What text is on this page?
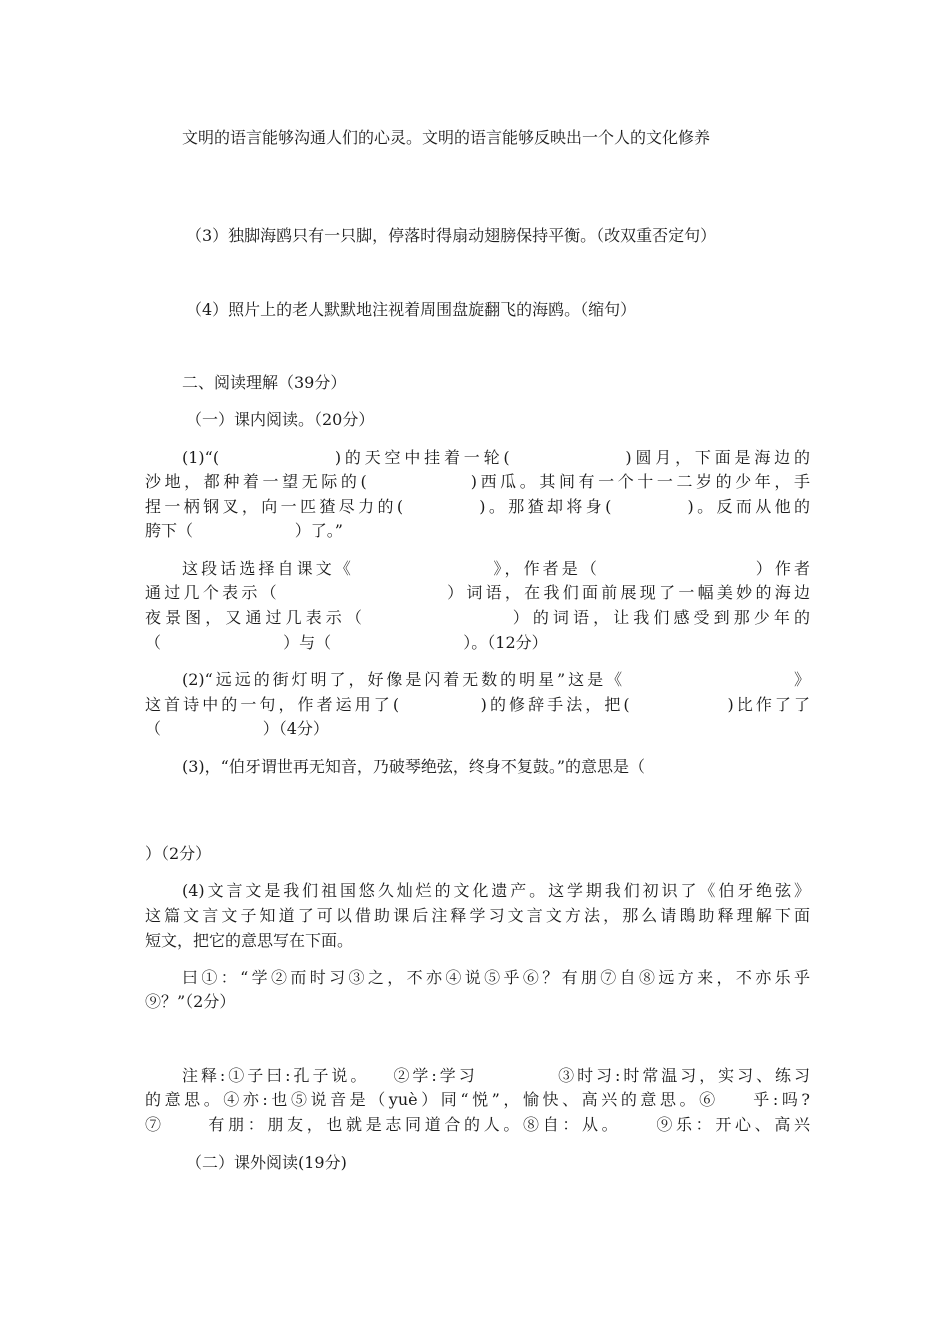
文明的语言能够沟通人们的心灵。文明的语言能够反映出一个人的文化修养
（3）独脚海鸥只有一只脚，停落时得扇动翅膀保持平衡。（改双重否定句）
（4）照片上的老人默默地注视着周围盘旋翻飞的海鸥。（缩句）
二、阅读理解（39分）
（一）课内阅读。（20分）
(1)“(             )的天空中挂着一轮(             )圆月，下面是海边的
沙地，都种着一望无际的(            )西瓜。其间有一个十一二岁的少年，手
捏一柄钢叉，向一匹猹尽力的(         )。那猹却将身(         )。反而从他的
胯下（                    ）了。”
这段话选择自课文《                 》，作者是（                   ）作者
通过几个表示（                    ）词语，在我们面前展现了一幅美妙的海边
夜景图，又通过几表示（                ）的词语，让我们感受到那少年的
（                        ）与（                          ）。（12分）
(2)“远远的街灯明了，好像是闪着无数的明星”这是《                     》
这首诗中的一句，作者运用了(          )的修辞手法，把(            )比作了了
（                    ）（4分）
(3)，“伯牙谓世再无知音，乃破琴绝弦，终身不复鼓。”的意思是（
）（2分）
(4)文言文是我们祖国悠久灿烂的文化遗产。这学期我们初识了《伯牙绝弦》
这篇文言文子知道了可以借助课后注释学习文言文方法，那么请鵖助释理解下面
短文，把它的意思写在下面。
曰①：“学②而时习③之，不亦④说⑤乎⑥？有朋⑦自⑧远方来，不亦乐乎
⑨？”（2分）
注释:①子曰:孔子说。   ②学:学习          ③时习:时常温习，实习、练习
的意思。④亦:也⑤说音是（yuè）同“悦”，愉快、高兴的意思。⑥    乎:吗?
⑦     有朋：朋友，也就是志同道合的人。⑧自：从。    ⑨乐：开心、高兴
（二）课外阅读(19分)
